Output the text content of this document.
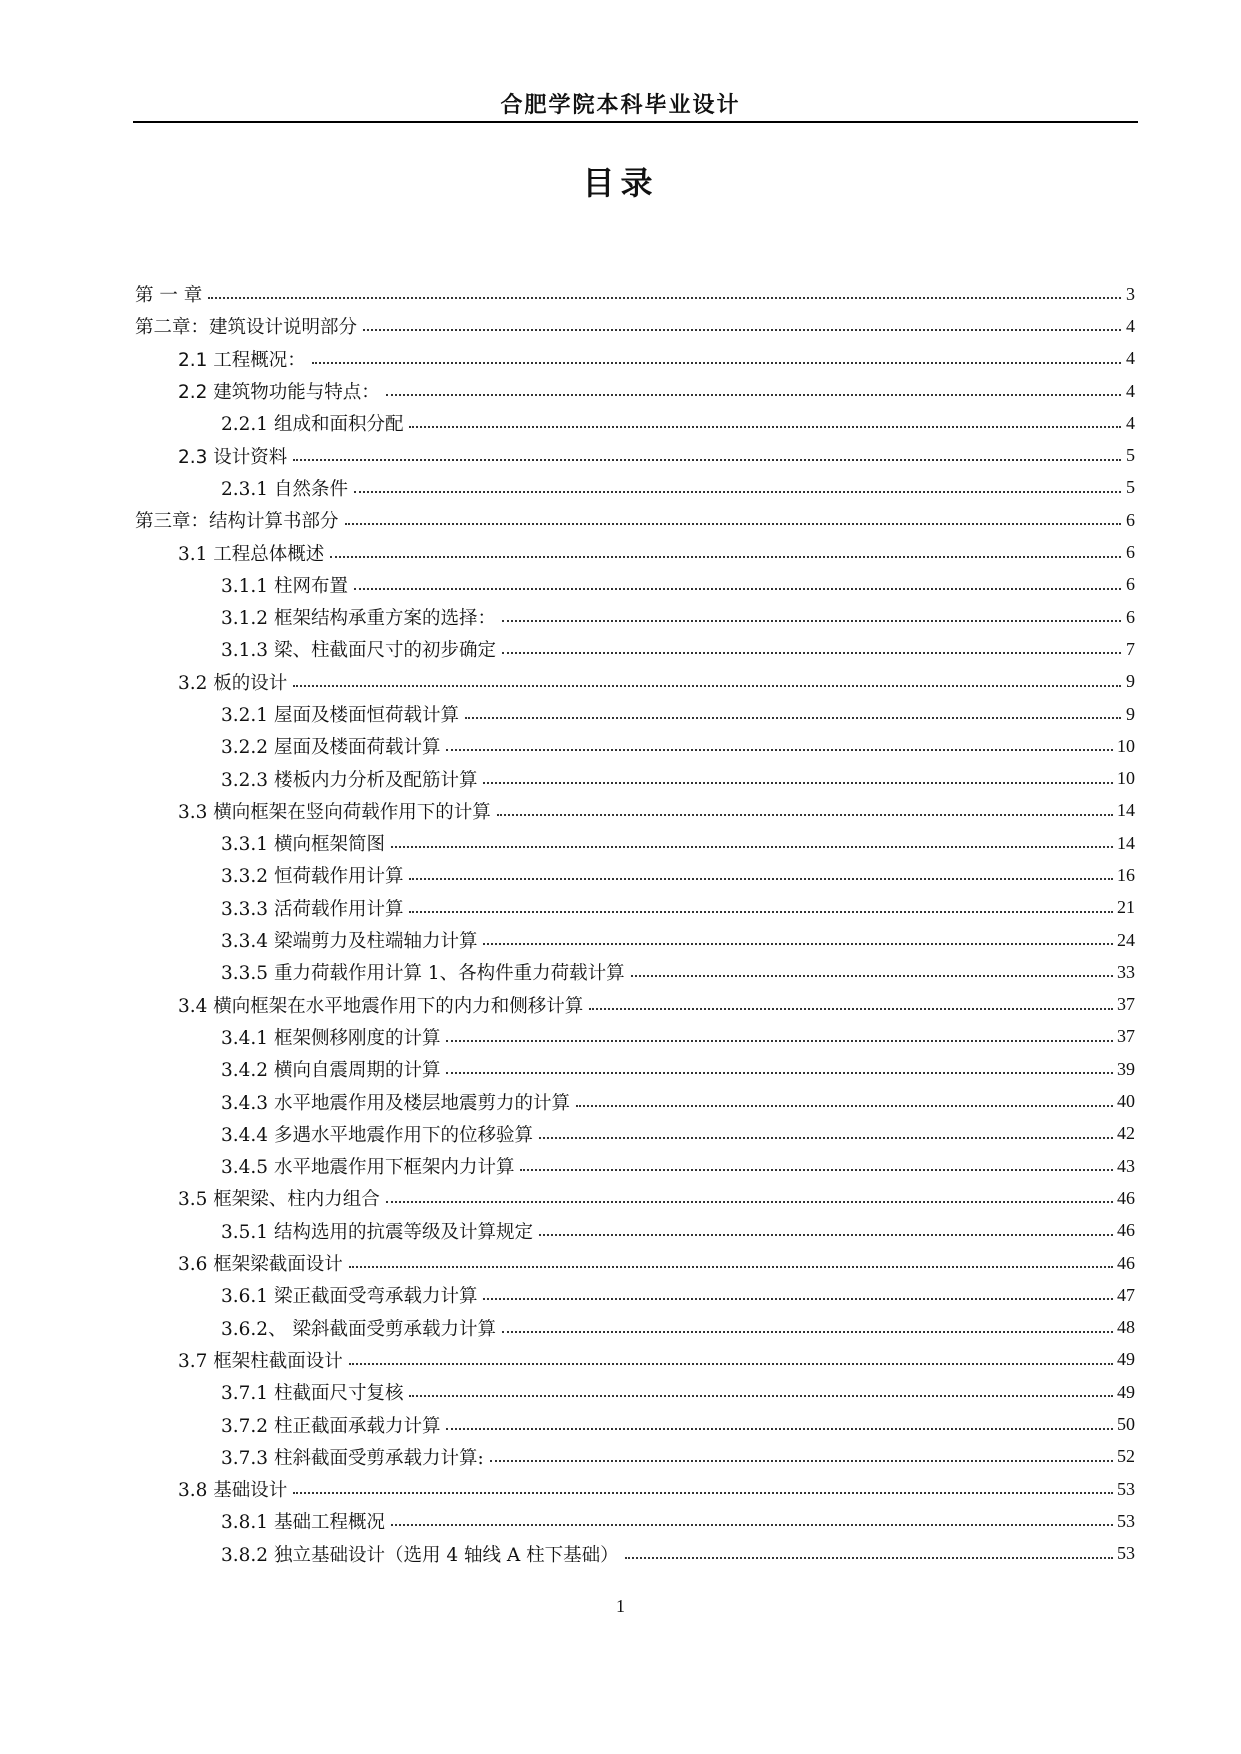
合肥学院本科毕业设计
目录
第 一 章	3
第二章：建筑设计说明部分	4
2.1 工程概况：	4
2.2 建筑物功能与特点：	4
2.2.1 组成和面积分配	4
2.3 设计资料	5
2.3.1 自然条件	5
第三章：结构计算书部分	6
3.1 工程总体概述	6
3.1.1 柱网布置	6
3.1.2 框架结构承重方案的选择：	6
3.1.3 梁、柱截面尺寸的初步确定	7
3.2 板的设计	9
3.2.1 屋面及楼面恒荷载计算	9
3.2.2 屋面及楼面荷载计算	10
3.2.3 楼板内力分析及配筋计算	10
3.3 横向框架在竖向荷载作用下的计算	14
3.3.1 横向框架简图	14
3.3.2 恒荷载作用计算	16
3.3.3 活荷载作用计算	21
3.3.4 梁端剪力及柱端轴力计算	24
3.3.5 重力荷载作用计算 1、各构件重力荷载计算	33
3.4 横向框架在水平地震作用下的内力和侧移计算	37
3.4.1 框架侧移刚度的计算	37
3.4.2 横向自震周期的计算	39
3.4.3 水平地震作用及楼层地震剪力的计算	40
3.4.4 多遇水平地震作用下的位移验算	42
3.4.5 水平地震作用下框架内力计算	43
3.5 框架梁、柱内力组合	46
3.5.1 结构选用的抗震等级及计算规定	46
3.6 框架梁截面设计	46
3.6.1 梁正截面受弯承载力计算	47
3.6.2、 梁斜截面受剪承载力计算	48
3.7 框架柱截面设计	49
3.7.1 柱截面尺寸复核	49
3.7.2 柱正截面承载力计算	50
3.7.3 柱斜截面受剪承载力计算:	52
3.8 基础设计	53
3.8.1 基础工程概况	53
3.8.2 独立基础设计（选用 4 轴线 A 柱下基础）	53
1
